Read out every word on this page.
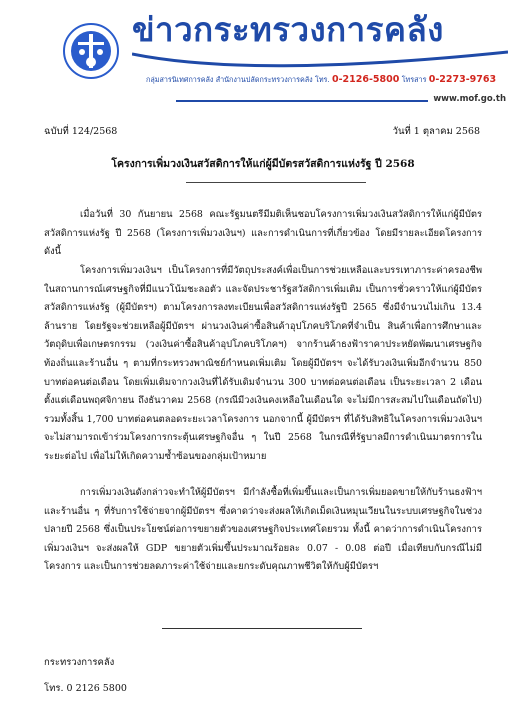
ข่าวกระทรวงการคลัง
กลุ่มสารนิเทศการคลัง สำนักงานปลัดกระทรวงการคลัง โทร. 0-2126-5800 โทรสาร 0-2273-9763
www.mof.go.th
ฉบับที่ 124/2568	วันที่ 1 ตุลาคม 2568
โครงการเพิ่มวงเงินสวัสดิการให้แก่ผู้มีบัตรสวัสดิการแห่งรัฐ ปี 2568

เมื่อวันที่ 30 กันยายน 2568 คณะรัฐมนตรีมีมติเห็นชอบโครงการเพิ่มวงเงินสวัสดิการให้แก่ผู้มีบัตรสวัสดิการแห่งรัฐ ปี 2568 (โครงการเพิ่มวงเงินฯ) และการดำเนินการที่เกี่ยวข้อง โดยมีรายละเอียดโครงการ ดังนี้

โครงการเพิ่มวงเงินฯ เป็นโครงการที่มีวัตถุประสงค์เพื่อเป็นการช่วยเหลือและบรรเทาภาระค่าครองชีพในสถานการณ์เศรษฐกิจที่มีแนวโน้มชะลอตัว และจัดประชารัฐสวัสดิการเพิ่มเติม เป็นการชั่วคราวให้แก่ผู้มีบัตรสวัสดิการแห่งรัฐ (ผู้มีบัตรฯ) ตามโครงการลงทะเบียนเพื่อสวัสดิการแห่งรัฐปี 2565 ซึ่งมีจำนวนไม่เกิน 13.4 ล้านราย โดยรัฐจะช่วยเหลือผู้มีบัตรฯ ผ่านวงเงินค่าซื้อสินค้าอุปโภคบริโภคที่จำเป็น สินค้าเพื่อการศึกษาและวัตถุดิบเพื่อเกษตรกรรม (วงเงินค่าซื้อสินค้าอุปโภคบริโภคฯ) จากร้านค้าธงฟ้าราคาประหยัดพัฒนาเศรษฐกิจท้องถิ่นและร้านอื่น ๆ ตามที่กระทรวงพาณิชย์กำหนดเพิ่มเติม โดยผู้มีบัตรฯ จะได้รับวงเงินเพิ่มอีกจำนวน 850 บาทต่อคนต่อเดือน โดยเพิ่มเติมจากวงเงินที่ได้รับเดิมจำนวน 300 บาทต่อคนต่อเดือน เป็นระยะเวลา 2 เดือน ตั้งแต่เดือนพฤศจิกายน ถึงธันวาคม 2568 (กรณีมีวงเงินคงเหลือในเดือนใด จะไม่มีการสะสมไปในเดือนถัดไป) รวมทั้งสิ้น 1,700 บาทต่อคนตลอดระยะเวลาโครงการ นอกจากนี้ ผู้มีบัตรฯ ที่ได้รับสิทธิในโครงการเพิ่มวงเงินฯ จะไม่สามารถเข้าร่วมโครงการกระตุ้นเศรษฐกิจอื่น ๆ ในปี 2568 ในกรณีที่รัฐบาลมีการดำเนินมาตรการในระยะต่อไป เพื่อไม่ให้เกิดความซ้ำซ้อนของกลุ่มเป้าหมาย

การเพิ่มวงเงินดังกล่าวจะทำให้ผู้มีบัตรฯ มีกำลังซื้อที่เพิ่มขึ้นและเป็นการเพิ่มยอดขายให้กับร้านธงฟ้าฯ และร้านอื่น ๆ ที่รับการใช้จ่ายจากผู้มีบัตรฯ ซึ่งคาดว่าจะส่งผลให้เกิดเม็ดเงินหมุนเวียนในระบบเศรษฐกิจในช่วงปลายปี 2568 ซึ่งเป็นประโยชน์ต่อการขยายตัวของเศรษฐกิจประเทศโดยรวม ทั้งนี้ คาดว่าการดำเนินโครงการเพิ่มวงเงินฯ จะส่งผลให้ GDP ขยายตัวเพิ่มขึ้นประมาณร้อยละ 0.07 - 0.08 ต่อปี เมื่อเทียบกับกรณีไม่มีโครงการ และเป็นการช่วยลดภาระค่าใช้จ่ายและยกระดับคุณภาพชีวิตให้กับผู้มีบัตรฯ

กระทรวงการคลัง
โทร. 0 2126 5800
